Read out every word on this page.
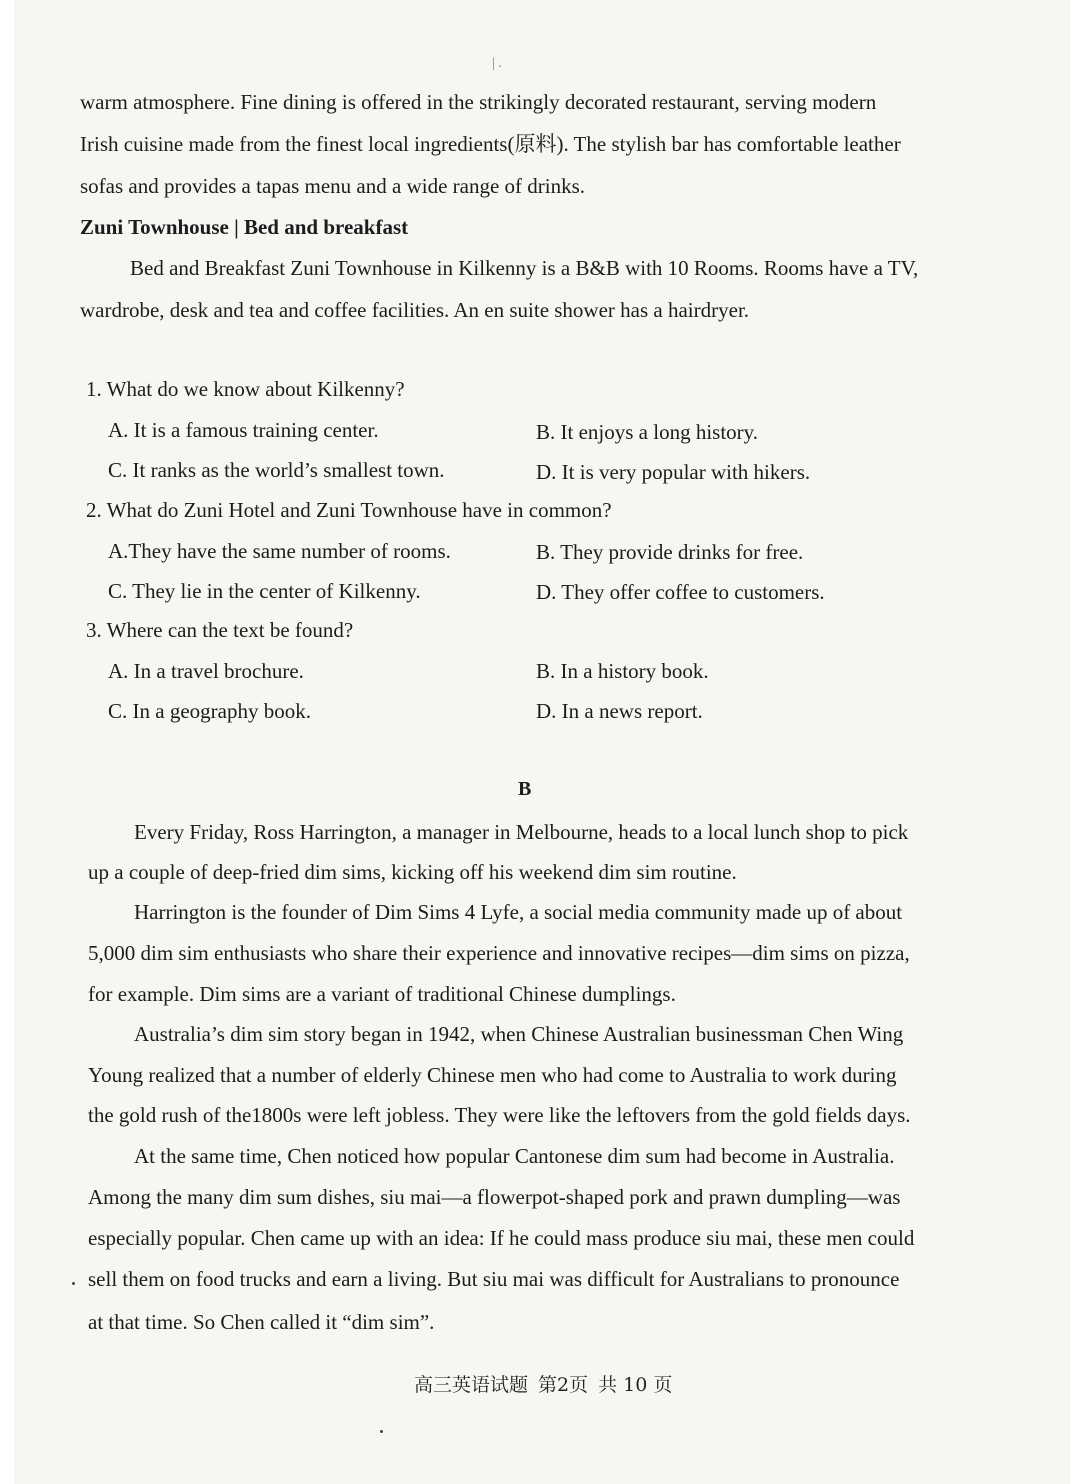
| .
warm atmosphere. Fine dining is offered in the strikingly decorated restaurant, serving modern
Irish cuisine made from the finest local ingredients(原料). The stylish bar has comfortable leather
sofas and provides a tapas menu and a wide range of drinks.
Zuni Townhouse | Bed and breakfast
Bed and Breakfast Zuni Townhouse in Kilkenny is a B&B with 10 Rooms. Rooms have a TV,
wardrobe, desk and tea and coffee facilities. An en suite shower has a hairdryer.
1. What do we know about Kilkenny?
A. It is a famous training center.	B. It enjoys a long history.
C. It ranks as the world’s smallest town.	D. It is very popular with hikers.
2. What do Zuni Hotel and Zuni Townhouse have in common?
A.They have the same number of rooms.	B. They provide drinks for free.
C. They lie in the center of Kilkenny.	D. They offer coffee to customers.
3. Where can the text be found?
A. In a travel brochure.	B. In a history book.
C. In a geography book.	D. In a news report.
B
Every Friday, Ross Harrington, a manager in Melbourne, heads to a local lunch shop to pick
up a couple of deep-fried dim sims, kicking off his weekend dim sim routine.
Harrington is the founder of Dim Sims 4 Lyfe, a social media community made up of about
5,000 dim sim enthusiasts who share their experience and innovative recipes—dim sims on pizza,
for example. Dim sims are a variant of traditional Chinese dumplings.
Australia’s dim sim story began in 1942, when Chinese Australian businessman Chen Wing
Young realized that a number of elderly Chinese men who had come to Australia to work during
the gold rush of the1800s were left jobless. They were like the leftovers from the gold fields days.
At the same time, Chen noticed how popular Cantonese dim sum had become in Australia.
Among the many dim sum dishes, siu mai—a flowerpot-shaped pork and prawn dumpling—was
especially popular. Chen came up with an idea: If he could mass produce siu mai, these men could
sell them on food trucks and earn a living. But siu mai was difficult for Australians to pronounce
at that time. So Chen called it “dim sim”.
高三英语试题 第2页 共 10 页
